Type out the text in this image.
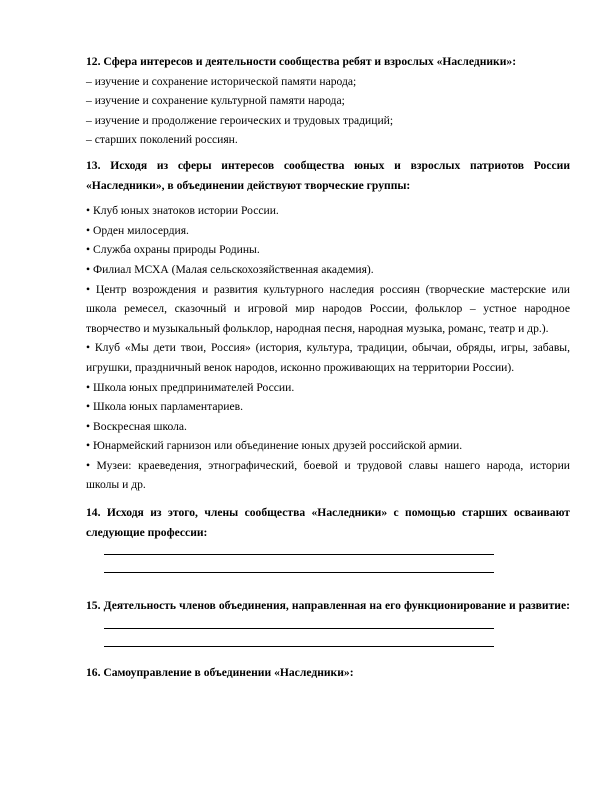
12. Сфера интересов и деятельности сообщества ребят и взрослых «Наследники»:

– изучение и сохранение исторической памяти народа;

– изучение и сохранение культурной памяти народа;

– изучение и продолжение героических и трудовых традиций;

– старших поколений россиян.

13. Исходя из сферы интересов сообщества юных и взрослых патриотов России «Наследники», в объединении действуют творческие группы:

• Клуб юных знатоков истории России.

• Орден милосердия.

• Служба охраны природы Родины.

• Филиал МСХА (Малая сельскохозяйственная академия).

• Центр возрождения и развития культурного наследия россиян (творческие мастерские или школа ремесел, сказочный и игровой мир народов России, фольклор – устное народное творчество и музыкальный фольклор, народная песня, народная музыка, романс, театр и др.).

• Клуб «Мы дети твои, Россия» (история, культура, традиции, обычаи, обряды, игры, забавы, игрушки, праздничный венок народов, исконно проживающих на территории России).

• Школа юных предпринимателей России.

• Школа юных парламентариев.

• Воскресная школа.

• Юнармейский гарнизон или объединение юных друзей российской армии.

• Музеи: краеведения, этнографический, боевой и трудовой славы нашего народа, истории школы и др.

14. Исходя из этого, члены сообщества «Наследники» с помощью старших осваивают следующие профессии:

15. Деятельность членов объединения, направленная на его функционирование и развитие:

16. Самоуправление в объединении «Наследники»:
